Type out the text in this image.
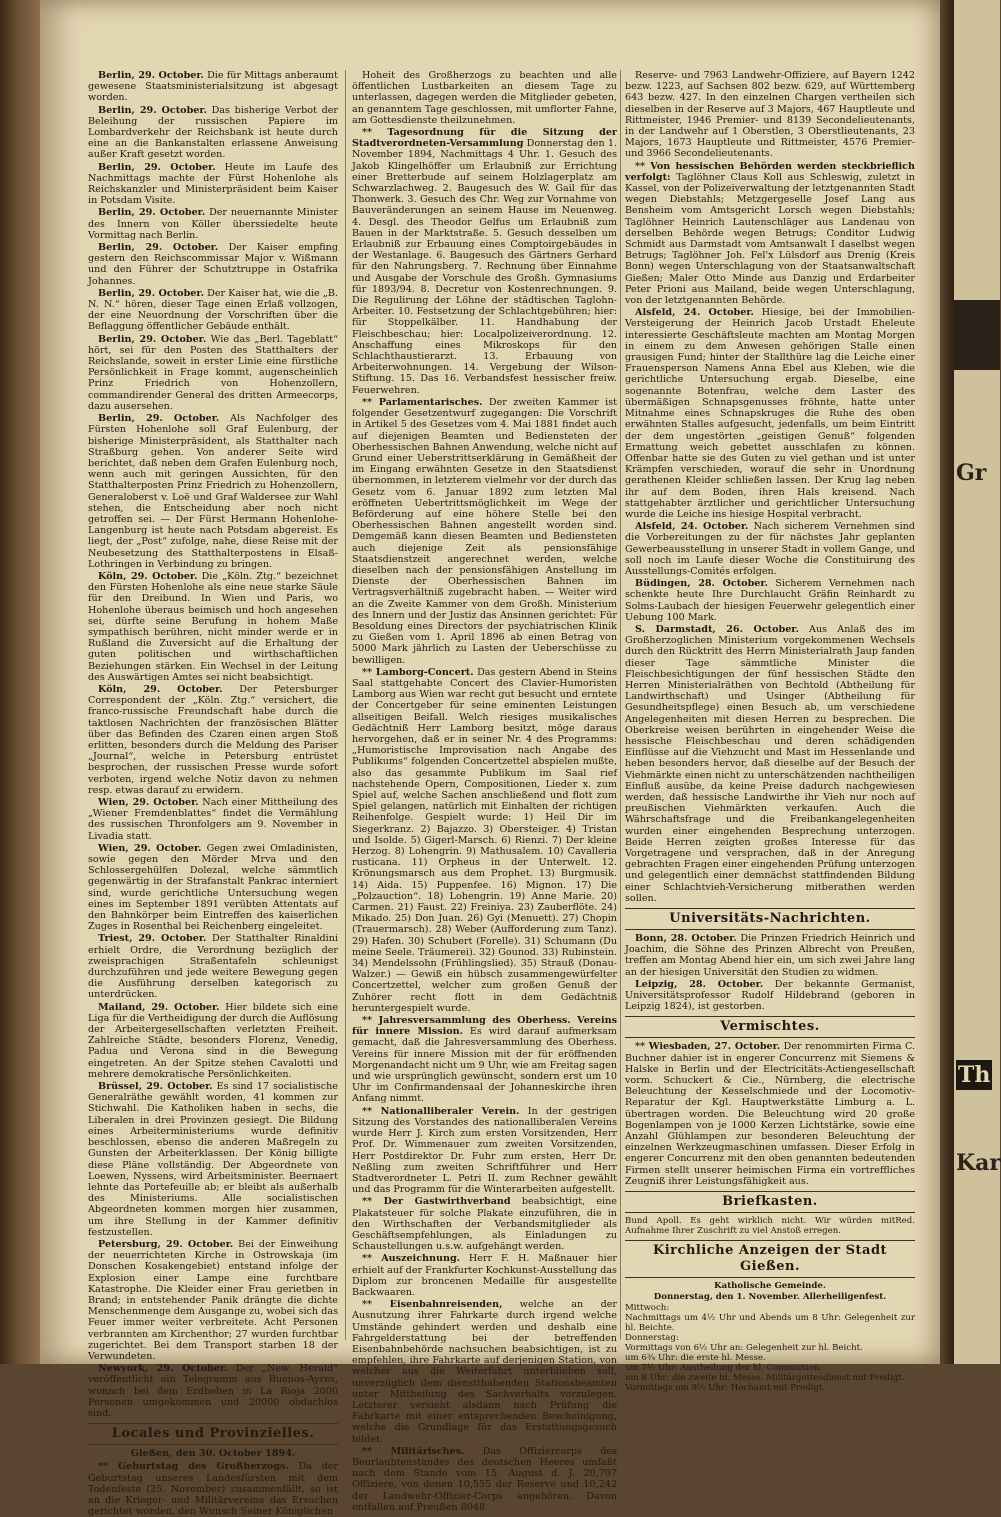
Gr
Th
Kar

Berlin, 29. October. Die für Mittags anberaumt gewesene Staatsministerialsitzung ist abgesagt worden.

Berlin, 29. October. Das bisherige Verbot der Beleihung der russischen Papiere im Lombardverkehr der Reichsbank ist heute durch eine an die Bankanstalten erlassene Anweisung außer Kraft gesetzt worden.

Berlin, 29. October. Heute im Laufe des Nachmittags machte der Fürst Hohenlohe als Reichskanzler und Ministerpräsident beim Kaiser in Potsdam Visite.

Berlin, 29. October. Der neuernannte Minister des Innern von Köller überssiedelte heute Vormittag nach Berlin.

Berlin, 29. October. Der Kaiser empfing gestern den Reichscommissar Major v. Wißmann und den Führer der Schutztruppe in Ostafrika Johannes.

Berlin, 29. October. Der Kaiser hat, wie die „B. N. N.“ hören, dieser Tage einen Erlaß vollzogen, der eine Neuordnung der Vorschriften über die Beflaggung öffentlicher Gebäude enthält.

Berlin, 29. October. Wie das „Berl. Tageblatt“ hört, sei für den Posten des Statthalters der Reichslande, soweit in erster Linie eine fürstliche Persönlichkeit in Frage kommt, augenscheinlich Prinz Friedrich von Hohenzollern, commandirender General des dritten Armeecorps, dazu ausersehen.

Berlin, 29. October. Als Nachfolger des Fürsten Hohenlohe soll Graf Eulenburg, der bisherige Ministerpräsident, als Statthalter nach Straßburg gehen. Von anderer Seite wird berichtet, daß neben dem Grafen Eulenburg noch, wenn auch mit geringen Aussichten, für den Statthalterposten Prinz Friedrich zu Hohenzollern, Generaloberst v. Loë und Graf Waldersee zur Wahl stehen, die Entscheidung aber noch nicht getroffen sei. — Der Fürst Hermann Hohenlohe-Langenburg ist heute nach Potsdam abgereist. Es liegt, der „Post“ zufolge, nahe, diese Reise mit der Neubesetzung des Statthalterpostens in Elsaß-Lothringen in Verbindung zu bringen.

Köln, 29. October. Die „Köln. Ztg.“ bezeichnet den Fürsten Hohenlohe als eine neue starke Säule für den Dreibund. In Wien und Paris, wo Hohenlohe überaus beimisch und hoch angesehen sei, dürfte seine Berufung in hohem Maße sympathisch berühren, nicht minder werde er in Rußland die Zuversicht auf die Erhaltung der guten politischen und wirthschaftlichen Beziehungen stärken. Ein Wechsel in der Leitung des Auswärtigen Amtes sei nicht beabsichtigt.

Köln, 29. October. Der Petersburger Correspondent der „Köln. Ztg.“ versichert, die franco-russische Freundschaft habe durch die taktlosen Nachrichten der französischen Blätter über das Befinden des Czaren einen argen Stoß erlitten, besonders durch die Meldung des Pariser „Journal“, welche in Petersburg entrüstet besprochen, der russischen Presse wurde sofort verboten, irgend welche Notiz davon zu nehmen resp. etwas darauf zu erwidern.

Wien, 29. October. Nach einer Mittheilung des „Wiener Fremdenblattes“ findet die Vermählung des russischen Thronfolgers am 9. November in Livadia statt.

Wien, 29. October. Gegen zwei Omladinisten, sowie gegen den Mörder Mrva und den Schlossergehülfen Dolezal, welche sämmtlich gegenwärtig in der Strafanstalt Pankrac interniert sind, wurde gerichtliche Untersuchung wegen eines im September 1891 verübten Attentats auf den Bahnkörper beim Eintreffen des kaiserlichen Zuges in Rosenthal bei Reichenberg eingeleitet.

Triest, 29. October. Der Statthalter Rinaldini erhielt Ordre, die Verordnung bezüglich der zweisprachigen Straßentafeln schleunigst durchzuführen und jede weitere Bewegung gegen die Ausführung derselben kategorisch zu unterdrücken.

Mailand, 29. October. Hier bildete sich eine Liga für die Vertheidigung der durch die Auflösung der Arbeitergesellschaften verletzten Freiheit. Zahlreiche Städte, besonders Florenz, Venedig, Padua und Verona sind in die Bewegung eingetreten. An der Spitze stehen Cavalotti und mehrere demokratische Persönlichkeiten.

Brüssel, 29. October. Es sind 17 socialistische Generalräthe gewählt worden, 41 kommen zur Stichwahl. Die Katholiken haben in sechs, die Liberalen in drei Provinzen gesiegt. Die Bildung eines Arbeiterministeriums wurde definitiv beschlossen, ebenso die anderen Maßregeln zu Gunsten der Arbeiterklassen. Der König billigte diese Pläne vollständig. Der Abgeordnete von Loewen, Nyssens, wird Arbeitsminister. Beernaert lehnte das Portefeuille ab; er bleibt als außerhalb des Ministeriums. Alle socialistischen Abgeordneten kommen morgen hier zusammen, um ihre Stellung in der Kammer definitiv festzustellen.

Petersburg, 29. October. Bei der Einweihung der neuerrichteten Kirche in Ostrowskaja (im Donschen Kosakengebiet) entstand infolge der Explosion einer Lampe eine furchtbare Katastrophe. Die Kleider einer Frau gerietben in Brand; in entstehender Panik drängte die dichte Menschenmenge dem Ausgange zu, wobei sich das Feuer immer weiter verbreitete. Acht Personen verbrannten am Kirchenthor; 27 wurden furchtbar zugerichtet. Bei dem Transport starben 18 der Verwundeten.

Newyork, 29. October. Der „New. Herald“ veröffentlicht ein Telegramm aus Buenos-Ayres, wonach bei dem Erdbeben in La Rioja 2000 Personen umgekommen und 20000 obdachlos sind.

Locales und Provinzielles.
Gießen, den 30. October 1894.

** Geburtstag des Großherzogs. Da der Geburtstag unseres Landesfürsten mit dem Todenfeste (25. November) zusammenfällt, so ist an die Krieger- und Militärvereine das Ersuchen gerichtet worden, den Wunsch Seiner Königlichen

Hoheit des Großherzogs zu beachten und alle öffentlichen Lustbarkeiten an diesem Tage zu unterlassen, dagegen werden die Mitglieder gebeten, an genanntem Tage geschlossen, mit umflorter Fahne, am Gottesdienste theilzunehmen.

** Tagesordnung für die Sitzung der Stadtverordneten-Versammlung Donnerstag den 1. November 1894, Nachmittags 4 Uhr. 1. Gesuch des Jakob Klingelhöffer um Erlaubniß zur Errichtung einer Bretterbude auf seinem Holzlagerplatz am Schwarzlachweg. 2. Baugesuch des W. Gail für das Thonwerk. 3. Gesuch des Chr. Weg zur Vornahme von Bauveränderungen an seinem Hause im Neuenweg. 4. Desgl. des Theodor Gelfus um Erlaubniß zum Bauen in der Marktstraße. 5. Gesuch desselben um Erlaubniß zur Erbauung eines Comptoirgebäudes in der Westanlage. 6. Baugesuch des Gärtners Gerhard für den Nahrungsberg. 7. Rechnung über Einnahme und Ausgabe der Vorschule des Großh. Gymnasiums für 1893/94. 8. Decretur von Kostenrechnungen. 9. Die Regulirung der Löhne der städtischen Taglohn-Arbeiter. 10. Festsetzung der Schlachtgebühren; hier: für Stoppelkälber. 11. Handhabung der Fleischbeschau; hier: Localpolizeiverordnung. 12. Anschaffung eines Mikroskops für den Schlachthaustierarzt. 13. Erbauung von Arbeiterwohnungen. 14. Vergebung der Wilson-Stiftung. 15. Das 16. Verbandsfest hessischer freiw. Feuerwehren.

** Parlamentarisches. Der zweiten Kammer ist folgender Gesetzentwurf zugegangen: Die Vorschrift in Artikel 5 des Gesetzes vom 4. Mai 1881 findet auch auf diejenigen Beamten und Bediensteten der Oberhessischen Bahnen Anwendung, welche nicht auf Grund einer Ueberstrittserklärung in Gemäßheit der im Eingang erwähnten Gesetze in den Staatsdienst übernommen, in letzterem vielmehr vor der durch das Gesetz vom 6. Januar 1892 zum letzten Mal eröffneten Uebertrittsmöglichkeit im Wege der Beförderung auf eine höhere Stelle bei den Oberhessischen Bahnen angestellt worden sind. Demgemäß kann diesen Beamten und Bediensteten auch diejenige Zeit als pensionsfähige Staatsdienstzeit angerechnet werden, welche dieselben nach der pensionsfähigen Anstellung im Dienste der Oberhessischen Bahnen im Vertragsverhältniß zugebracht haben. — Weiter wird an die Zweite Kammer von dem Großh. Ministerium des Innern und der Justiz das Ansinnen gerichtet: Für Besoldung eines Directors der psychiatrischen Klinik zu Gießen vom 1. April 1896 ab einen Betrag von 5000 Mark jährlich zu Lasten der Ueberschüsse zu bewilligen.

** Lamborg-Concert. Das gestern Abend in Steins Saal stattgehabte Concert des Clavier-Humoristen Lamborg aus Wien war recht gut besucht und erntete der Concertgeber für seine eminenten Leistungen allseitigen Beifall. Welch riesiges musikalisches Gedächtniß Herr Lamborg besitzt, möge daraus hervorgehen, daß er in seiner Nr. 4 des Programms: „Humoristische Improvisation nach Angabe des Publikums“ folgenden Concertzettel abspielen mußte, also das gesammte Publikum im Saal rief nachstehende Opern, Compositionen, Lieder x. zum Spiel auf, welche Sachen anschließend und flott zum Spiel gelangen, natürlich mit Einhalten der richtigen Reihenfolge. Gespielt wurde: 1) Heil Dir im Siegerkranz. 2) Bajazzo. 3) Obersteiger. 4) Tristan und Isolde. 5) Gigerl-Marsch. 6) Rienzi. 7) Der kleine Herzog. 8) Lohengrin. 9) Mathusalem. 10) Cavalleria rusticana. 11) Orpheus in der Unterwelt. 12. Krönungsmarsch aus dem Prophet. 13) Burgmusik. 14) Aida. 15) Puppenfee. 16) Mignon. 17) Die „Polzauction“. 18) Lohengrin. 19) Anne Marie. 20) Carmen. 21) Faust. 22) Freiniya. 23) Zauberflöte. 24) Mikado. 25) Don Juan. 26) Gyi (Menuett). 27) Chopin (Trauermarsch). 28) Weber (Aufforderung zum Tanz). 29) Hafen. 30) Schubert (Forelle). 31) Schumann (Du meine Seele. Träumerei). 32) Gounod. 33) Rubinstein. 34) Mendelssohn (Frühlingslied). 35) Strauß (Donau-Walzer.) — Gewiß ein hübsch zusammengewürfelter Concertzettel, welcher zum großen Genuß der Zuhörer recht flott in dem Gedächtniß heruntergespielt wurde.

** Jahresversammlung des Oberhess. Vereins für innere Mission. Es wird darauf aufmerksam gemacht, daß die Jahresversammlung des Oberhess. Vereins für innere Mission mit der für eröffnenden Morgenandacht nicht um 9 Uhr, wie am Freitag sagen und wie ursprünglich gewünscht, sondern erst um 10 Uhr im Confirmandensaal der Johanneskirche ihren Anfang nimmt.

** Nationalliberaler Verein. In der gestrigen Sitzung des Vorstandes des nationalliberalen Vereins wurde Herr J. Kirch zum ersten Vorsitzenden, Herr Prof. Dr. Wimmenauer zum zweiten Vorsitzenden, Herr Postdirektor Dr. Fuhr zum ersten, Herr Dr. Neßling zum zweiten Schriftführer und Herr Stadtverordneter L. Petri II. zum Rechner gewählt und das Programm für die Winterarbeiten aufgestellt.

** Der Gastwirthverband beabsichtigt, eine Plakatsteuer für solche Plakate einzuführen, die in den Wirthschaften der Verbandsmitglieder als Geschäftsempfehlungen, als Einladungen zu Schaustellungen u.s.w. aufgehängt werden.

** Auszeichnung. Herr F. H. Maßnauer hier erhielt auf der Frankfurter Kochkunst-Ausstellung das Diplom zur broncenen Medaille für ausgestellte Backwaaren.

** Eisenbahnreisenden, welche an der Ausnutzung ihrer Fahrkarte durch irgend welche Umstände gehindert werden und deshalb eine Fahrgelderstattung bei der betreffenden Eisenbahnbehörde nachsuchen beabsichtigen, ist zu empfehlen, ihre Fahrkarte auf derjenigen Station, von welcher aus die Weiterfahrt unterblieben soll, unverzüglich dem dienstthabenden Stationsbeamten unter Mittheilung des Sachverhalts vorzulegen. Letzterer versieht alsdann nach Prüfung die Fahrkarte mit einer entsprechenden Bescheinigung, welche die Grundlage für das Erstattungsgesuch bildet.

** Militärisches. Das Offiziercorps des Beurlaubtenstandes des deutschen Heeres umfaßt nach dem Stande vom 15. August d. J. 20,797 Offiziere, von denen 10,555 der Reserve und 10,242 der Landwehr-Offizier-Corps angehören. Davon entfallen auf Preußen 8048

Reserve- und 7963 Landwehr-Offiziere, auf Bayern 1242 bezw. 1223, auf Sachsen 802 bezw. 629, auf Württemberg 643 bezw. 427. In den einzelnen Chargen vertheilen sich dieselben in der Reserve auf 3 Majors, 467 Hauptleute und Rittmeister, 1946 Premier- und 8139 Secondelieutenants, in der Landwehr auf 1 Oberstlen, 3 Oberstlieutenants, 23 Majors, 1673 Hauptleute und Rittmeister, 4576 Premier- und 3966 Secondelieutenants.

** Von hessischen Behörden werden steckbrieflich verfolgt: Taglöhner Claus Koll aus Schleswig, zuletzt in Kassel, von der Polizeiverwaltung der letztgenannten Stadt wegen Diebstahls; Metzgergeselle Josef Lang aus Bensheim vom Amtsgericht Lorsch wegen Diebstahls; Taglöhner Heinrich Lautenschläger aus Landenau von derselben Behörde wegen Betrugs; Conditor Ludwig Schmidt aus Darmstadt vom Amtsanwalt I daselbst wegen Betrugs; Taglöhner Joh. Fel'x Lülsdorf aus Drenig (Kreis Bonn) wegen Unterschlagung von der Staatsanwaltschaft Gießen; Maler Otto Minde aus Danzig und Erdarbeiter Peter Prioni aus Mailand, beide wegen Unterschlagung, von der letztgenannten Behörde.

Alsfeld, 24. October. Hiesige, bei der Immobilien-Versteigerung der Heinrich Jacob Urstadt Eheleute interessierte Geschäftsleute machten am Montag Morgen in einem zu dem Anwesen gehörigen Stalle einen grausigen Fund; hinter der Stallthüre lag die Leiche einer Frauensperson Namens Anna Ebel aus Kleben, wie die gerichtliche Untersuchung ergab. Dieselbe, eine sogenannte Botenfrau, welche dem Laster des übermäßigen Schnapsgenusses fröhnte, hatte unter Mitnahme eines Schnapskruges die Ruhe des oben erwähnten Stalles aufgesucht, jedenfalls, um beim Eintritt der dem ungestörten „geistigen Genuß“ folgenden Ermattung weich gebettet ausschlafen zu können. Offenbar hatte sie des Guten zu viel gethan und ist unter Krämpfen verschieden, worauf die sehr in Unordnung gerathenen Kleider schließen lassen. Der Krug lag neben ihr auf dem Boden, ihren Hals kreisend. Nach stattgehabter ärztlicher und gerichtlicher Untersuchung wurde die Leiche ins hiesige Hospital verbracht.

Alsfeld, 24. October. Nach sicherem Vernehmen sind die Vorbereitungen zu der für nächstes Jahr geplanten Gewerbeausstellung in unserer Stadt in vollem Gange, und soll noch im Laufe dieser Woche die Constituirung des Ausstellungs-Comités erfolgen.

Büdingen, 28. October. Sicherem Vernehmen nach schenkte heute Ihre Durchlaucht Gräfin Reinhardt zu Solms-Laubach der hiesigen Feuerwehr gelegentlich einer Uebung 100 Mark.

S. Darmstadt, 26. October. Aus Anlaß des im Großherzoglichen Ministerium vorgekommenen Wechsels durch den Rücktritt des Herrn Ministerialrath Jaup fanden dieser Tage sämmtliche Minister die Fleischbesichtigungen der fünf hessischen Städte den Herren Ministerialräthen von Bechtold (Abtheilung für Landwirthschaft) und Usinger (Abtheilung für Gesundheitspflege) einen Besuch ab, um verschiedene Angelegenheiten mit diesen Herren zu besprechen. Die Oberkreise weisen berührten in eingehender Weise die hessische Fleischbeschau und deren schädigenden Einflüsse auf die Viehzucht und Mast im Hessenlande und heben besonders hervor, daß dieselbe auf der Besuch der Viehmärkte einen nicht zu unterschätzenden nachtheiligen Einfluß ausübe, da keine Preise dadurch nachgewiesen werden, daß hessische Landwirthe ihr Vieh nur noch auf preußischen Viehmärkten verkaufen. Auch die Währschaftsfrage und die Freibankangelegenheiten wurden einer eingehenden Besprechung unterzogen. Beide Herren zeigten großes Interesse für das Vorgetragene und versprachen, daß in der Anregung gebrachten Fragen einer eingehenden Prüfung unterzogen und gelegentlich einer demnächst stattfindenden Bildung einer Schlachtvieh-Versicherung mitberathen werden sollen.

Universitäts-Nachrichten.

Bonn, 28. October. Die Prinzen Friedrich Heinrich und Joachim, die Söhne des Prinzen Albrecht von Preußen, treffen am Montag Abend hier ein, um sich zwei Jahre lang an der hiesigen Universität den Studien zu widmen.

Leipzig, 28. October. Der bekannte Germanist, Universitätsprofessor Rudolf Hildebrand (geboren in Leipzig 1824), ist gestorben.

Vermischtes.

** Wiesbaden, 27. October. Der renommirten Firma C. Buchner dahier ist in engerer Concurrenz mit Siemens & Halske in Berlin und der Electricitäts-Actiengesellschaft vorm. Schuckert & Cie., Nürnberg, die electrische Beleuchtung der Kesselschmiede und der Locomotiv-Reparatur der Kgl. Hauptwerkstätte Limburg a. L. übertragen worden. Die Beleuchtung wird 20 große Bogenlampen von je 1000 Kerzen Lichtstärke, sowie eine Anzahl Glühlampen zur besonderen Beleuchtung der einzelnen Werkzeugmaschinen umfassen. Dieser Erfolg in engerer Concurrenz mit den oben genannten bedeutenden Firmen stellt unserer heimischen Firma ein vortreffliches Zeugniß ihrer Leistungsfähigkeit aus.

Briefkasten.
Bund Apoll. Es geht wirklich nicht. Wir würden mit Aufnahme Ihrer Zuschrift zu viel Anstoß erregen.
Red.
Kirchliche Anzeigen der Stadt Gießen.
Katholische Gemeinde.
Donnerstag, den 1. November. Allerheiligenfest.
Mittwoch:
Nachmittags um 4½ Uhr und Abends um 8 Uhr: Gelegenheit zur hl. Beichte.
Donnerstag:
Vormittags von 6½ Uhr an: Gelegenheit zur hl. Beicht.
um 6¾ Uhr: die erste hl. Messe.
um 7½ Uhr: Austheilung der hl. Communion.
um 8 Uhr: die zweite hl. Messe. Militärgottesdienst mit Predigt.
Vormittags um 9½ Uhr: Hochamt mit Predigt.
